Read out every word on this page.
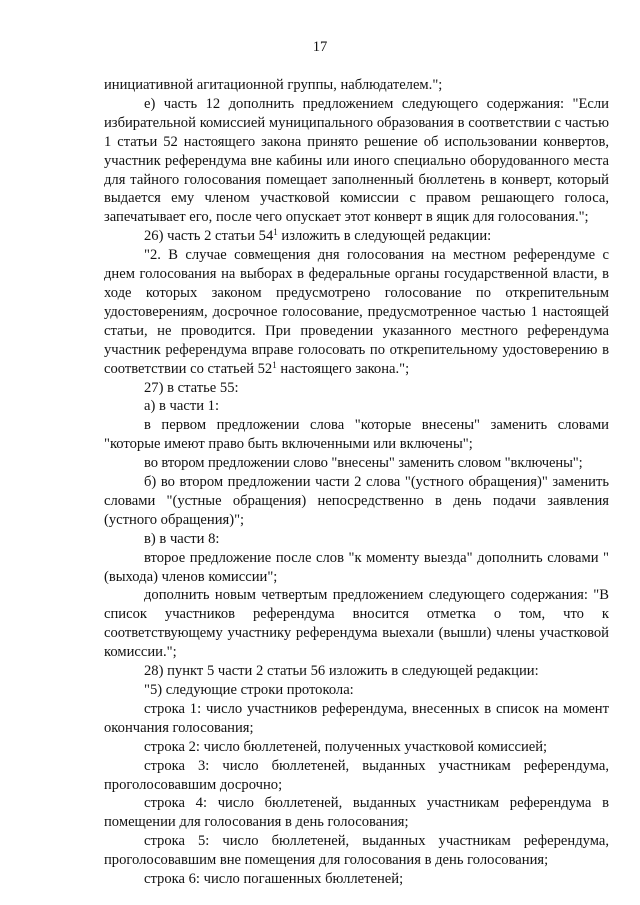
17

инициативной агитационной группы, наблюдателем.";

е) часть 12 дополнить предложением следующего содержания: "Если избирательной комиссией муниципального образования в соответствии с частью 1 статьи 52 настоящего закона принято решение об использовании конвертов, участник референдума вне кабины или иного специально оборудованного места для тайного голосования помещает заполненный бюллетень в конверт, который выдается ему членом участковой комиссии с правом решающего голоса, запечатывает его, после чего опускает этот конверт в ящик для голосования.";

26) часть 2 статьи $54^1$ изложить в следующей редакции:

"2. В случае совмещения дня голосования на местном референдуме с днем голосования на выборах в федеральные органы государственной власти, в ходе которых законом предусмотрено голосование по открепительным удостоверениям, досрочное голосование, предусмотренное частью 1 настоящей статьи, не проводится. При проведении указанного местного референдума участник референдума вправе голосовать по открепительному удостоверению в соответствии со статьей $52^1$ настоящего закона.";

27) в статье 55:

а) в части 1:

в первом предложении слова "которые внесены" заменить словами "которые имеют право быть включенными или включены";

во втором предложении слово "внесены" заменить словом "включены";

б) во втором предложении части 2 слова "(устного обращения)" заменить словами "(устные обращения) непосредственно в день подачи заявления (устного обращения)";

в) в части 8:

второе предложение после слов "к моменту выезда" дополнить словами "(выхода) членов комиссии";

дополнить новым четвертым предложением следующего содержания: "В список участников референдума вносится отметка о том, что к соответствующему участнику референдума выехали (вышли) члены участковой комиссии.";

28) пункт 5 части 2 статьи 56 изложить в следующей редакции:

"5) следующие строки протокола:

строка 1: число участников референдума, внесенных в список на момент окончания голосования;

строка 2: число бюллетеней, полученных участковой комиссией;

строка 3: число бюллетеней, выданных участникам референдума, проголосовавшим досрочно;

строка 4: число бюллетеней, выданных участникам референдума в помещении для голосования в день голосования;

строка 5: число бюллетеней, выданных участникам референдума, проголосовавшим вне помещения для голосования в день голосования;

строка 6: число погашенных бюллетеней;
